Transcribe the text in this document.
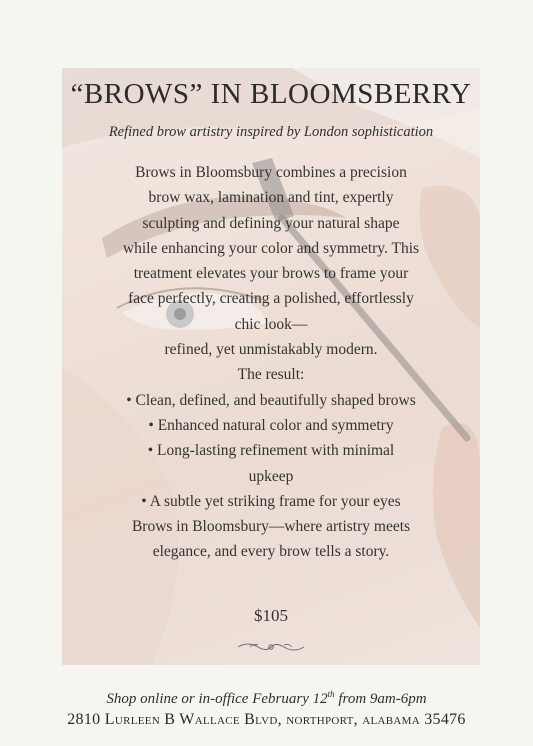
“BROWS” IN BLOOMSBERRY
Refined brow artistry inspired by London sophistication
Brows in Bloomsbury combines a precision
brow wax, lamination and tint, expertly
sculpting and defining your natural shape
while enhancing your color and symmetry. This
treatment elevates your brows to frame your
face perfectly, creating a polished, effortlessly
chic look—
refined, yet unmistakably modern.
The result:
• Clean, defined, and beautifully shaped brows
• Enhanced natural color and symmetry
• Long-lasting refinement with minimal
upkeep
• A subtle yet striking frame for your eyes
Brows in Bloomsbury—where artistry meets
elegance, and every brow tells a story.
$105
Shop online or in-office February 12th from 9am-6pm
2810 Lurleen B Wallace Blvd, northport, alabama 35476
